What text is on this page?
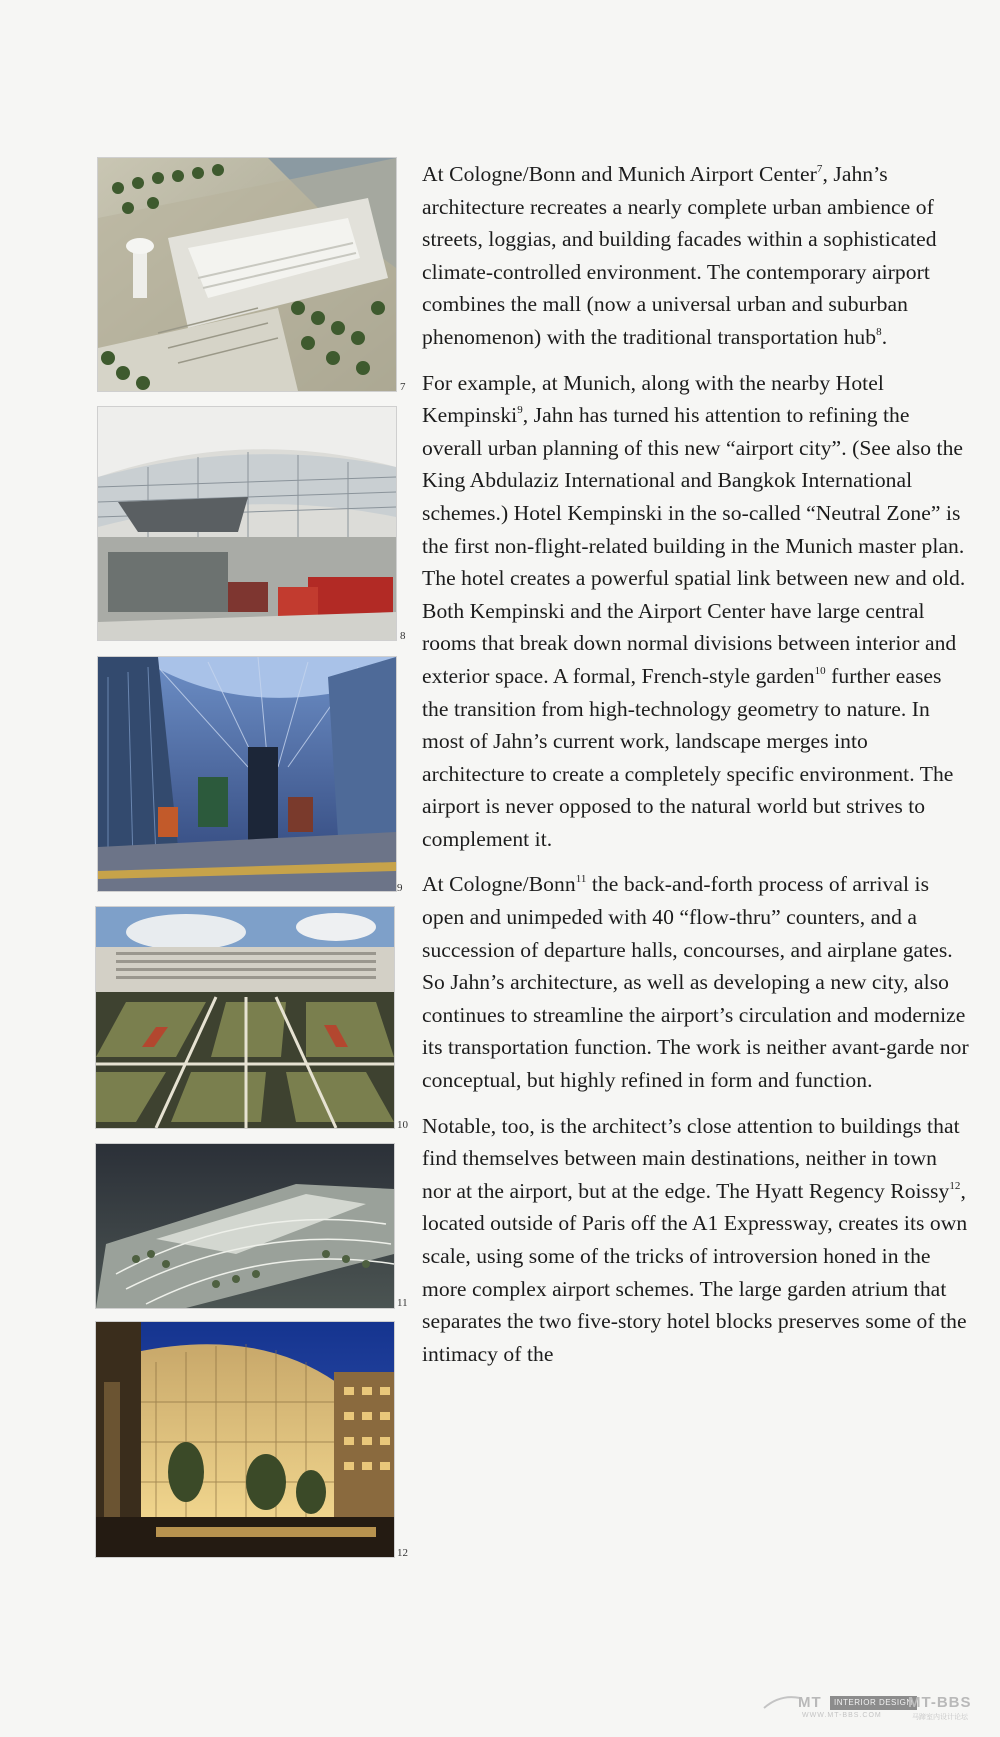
7
8
9
10
11
12

At Cologne/Bonn and Munich Airport Center$^7$, Jahn’s architecture recreates a nearly complete urban ambience of streets, loggias, and building facades within a sophisticated climate-controlled environment. The contemporary airport combines the mall (now a universal urban and suburban phenomenon) with the traditional transportation hub$^8$.

For example, at Munich, along with the nearby Hotel Kempinski$^9$, Jahn has turned his attention to refining the overall urban planning of this new “airport city”. (See also the King Abdulaziz International and Bangkok International schemes.) Hotel Kempinski in the so-called “Neutral Zone” is the first non-flight-related building in the Munich master plan. The hotel creates a powerful spatial link between new and old. Both Kempinski and the Airport Center have large central rooms that break down normal divisions between interior and exterior space. A formal, French-style garden$^{10}$ further eases the transition from high-technology geometry to nature. In most of Jahn’s current work, landscape merges into architecture to create a completely specific environment. The airport is never opposed to the natural world but strives to complement it.

At Cologne/Bonn$^{11}$ the back-and-forth process of arrival is open and unimpeded with 40 “flow-thru” counters, and a succession of departure halls, concourses, and airplane gates. So Jahn’s architecture, as well as developing a new city, also continues to streamline the airport’s circulation and modernize its transportation function. The work is neither avant-garde nor conceptual, but highly refined in form and function.

Notable, too, is the architect’s close attention to buildings that find themselves between main destinations, neither in town nor at the airport, but at the edge. The Hyatt Regency Roissy$^{12}$, located outside of Paris off the A1 Expressway, creates its own scale, using some of the tricks of introversion honed in the more complex airport schemes. The large garden atrium that separates the two five-story hotel blocks preserves some of the intimacy of the

MT	INTERIOR DESIGN
MT-BBS
WWW.MT-BBS.COM	马蹄室内设计论坛
